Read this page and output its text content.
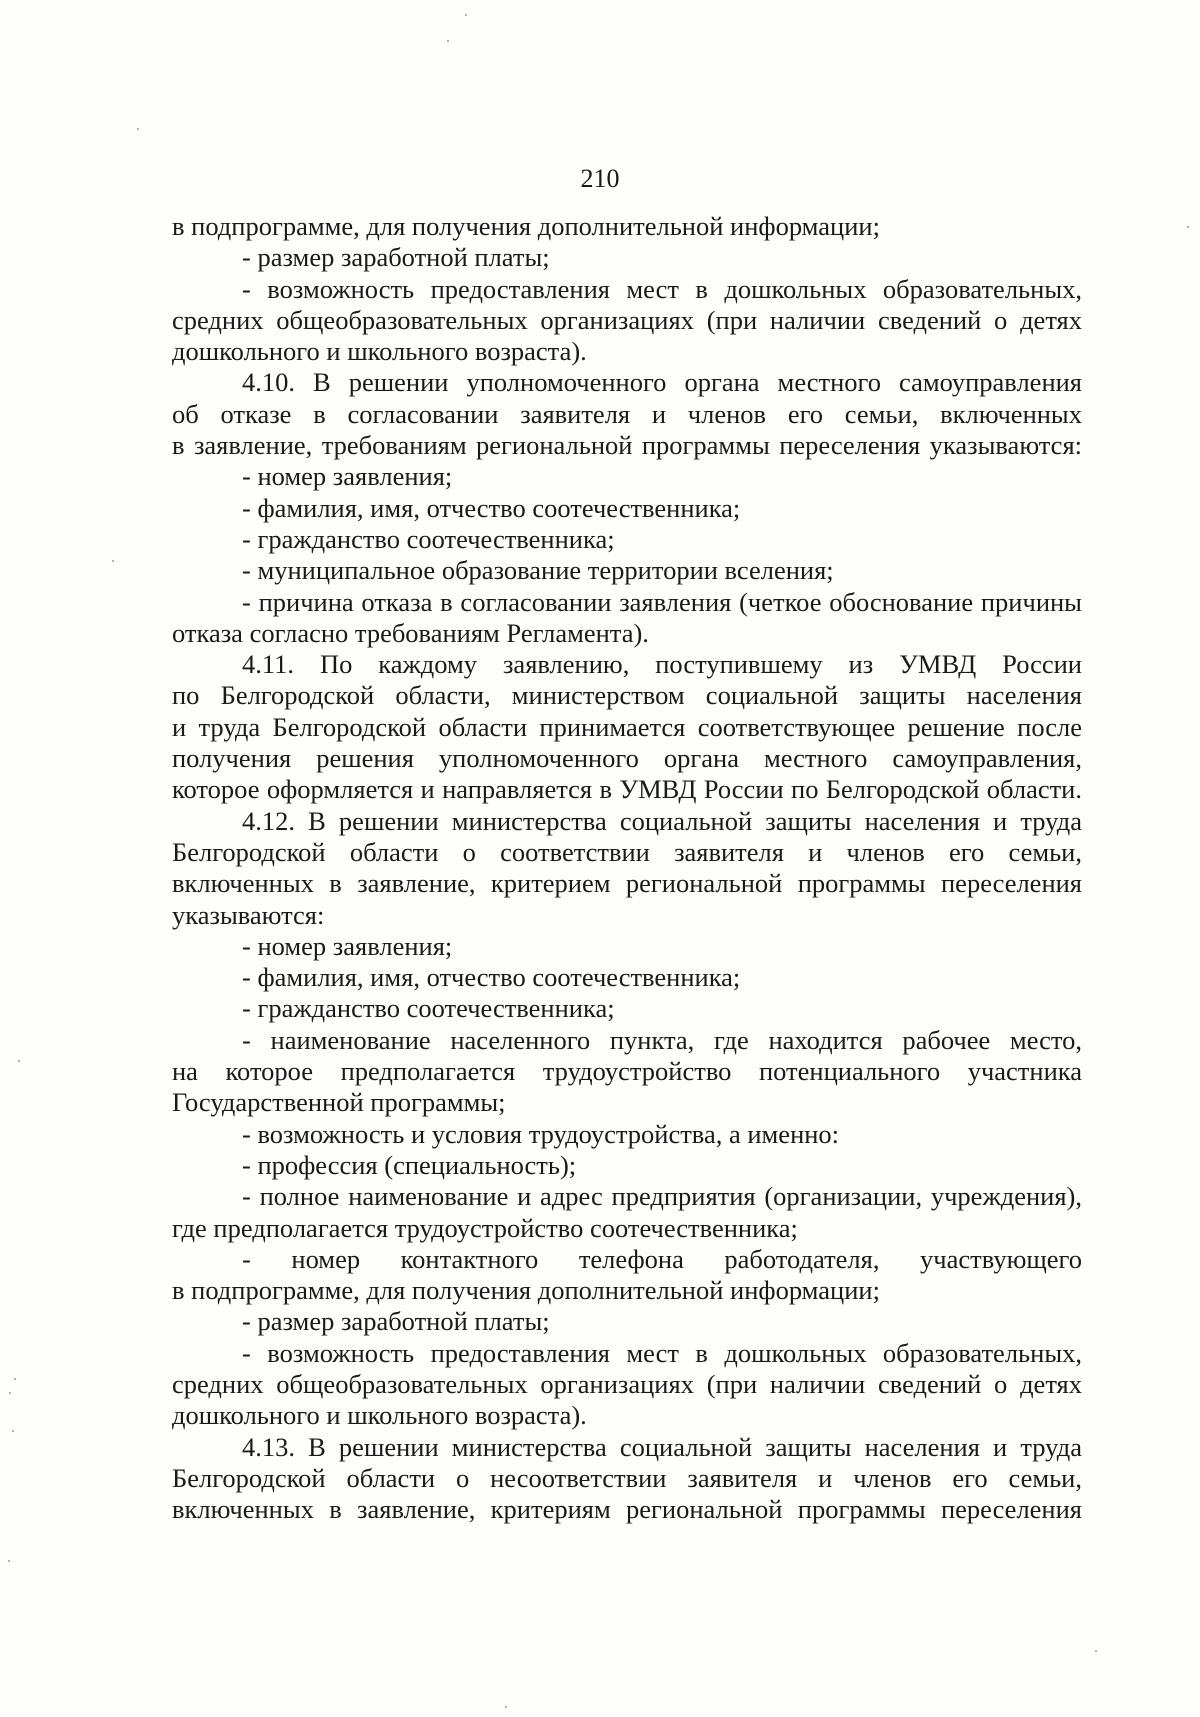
210
в подпрограмме, для получения дополнительной информации;
- размер заработной платы;
- возможность предоставления мест в дошкольных образовательных,
средних общеобразовательных организациях (при наличии сведений о детях
дошкольного и школьного возраста).
4.10. В решении уполномоченного органа местного самоуправления
об отказе в согласовании заявителя и членов его семьи, включенных
в заявление, требованиям региональной программы переселения указываются:
- номер заявления;
- фамилия, имя, отчество соотечественника;
- гражданство соотечественника;
- муниципальное образование территории вселения;
- причина отказа в согласовании заявления (четкое обоснование причины
отказа согласно требованиям Регламента).
4.11. По каждому заявлению, поступившему из УМВД России
по Белгородской области, министерством социальной защиты населения
и труда Белгородской области принимается соответствующее решение после
получения решения уполномоченного органа местного самоуправления,
которое оформляется и направляется в УМВД России по Белгородской области.
4.12. В решении министерства социальной защиты населения и труда
Белгородской области о соответствии заявителя и членов его семьи,
включенных в заявление, критерием региональной программы переселения
указываются:
- номер заявления;
- фамилия, имя, отчество соотечественника;
- гражданство соотечественника;
- наименование населенного пункта, где находится рабочее место,
на которое предполагается трудоустройство потенциального участника
Государственной программы;
- возможность и условия трудоустройства, а именно:
- профессия (специальность);
- полное наименование и адрес предприятия (организации, учреждения),
где предполагается трудоустройство соотечественника;
- номер контактного телефона работодателя, участвующего
в подпрограмме, для получения дополнительной информации;
- размер заработной платы;
- возможность предоставления мест в дошкольных образовательных,
средних общеобразовательных организациях (при наличии сведений о детях
дошкольного и школьного возраста).
4.13. В решении министерства социальной защиты населения и труда
Белгородской области о несоответствии заявителя и членов его семьи,
включенных в заявление, критериям региональной программы переселения
